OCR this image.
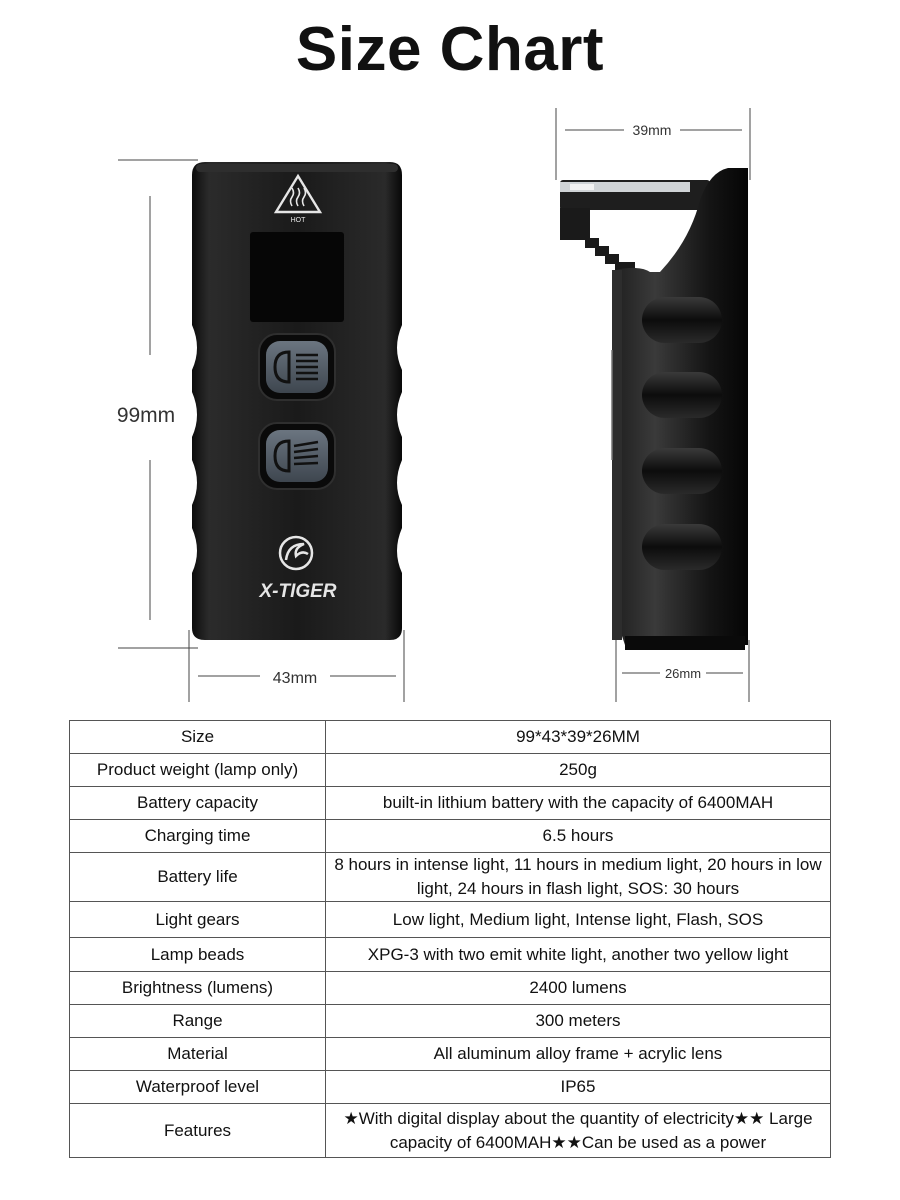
Size Chart
HOT
X-TIGER
99mm
43mm
39mm
26mm
Size	99*43*39*26MM
Product weight (lamp only)	250g
Battery capacity	built-in lithium battery with the capacity of 6400MAH
Charging time	6.5 hours
Battery life	8 hours in intense light, 11 hours in medium light, 20 hours in low light, 24 hours in flash light, SOS: 30 hours
Light gears	Low light, Medium light, Intense light, Flash, SOS
Lamp beads	XPG-3 with two emit white light, another two yellow light
Brightness (lumens)	2400 lumens
Range	300 meters
Material	All aluminum alloy frame + acrylic lens
Waterproof level	IP65
Features	★With digital display about the quantity of electricity★★ Large capacity of 6400MAH★★Can be used as a power
